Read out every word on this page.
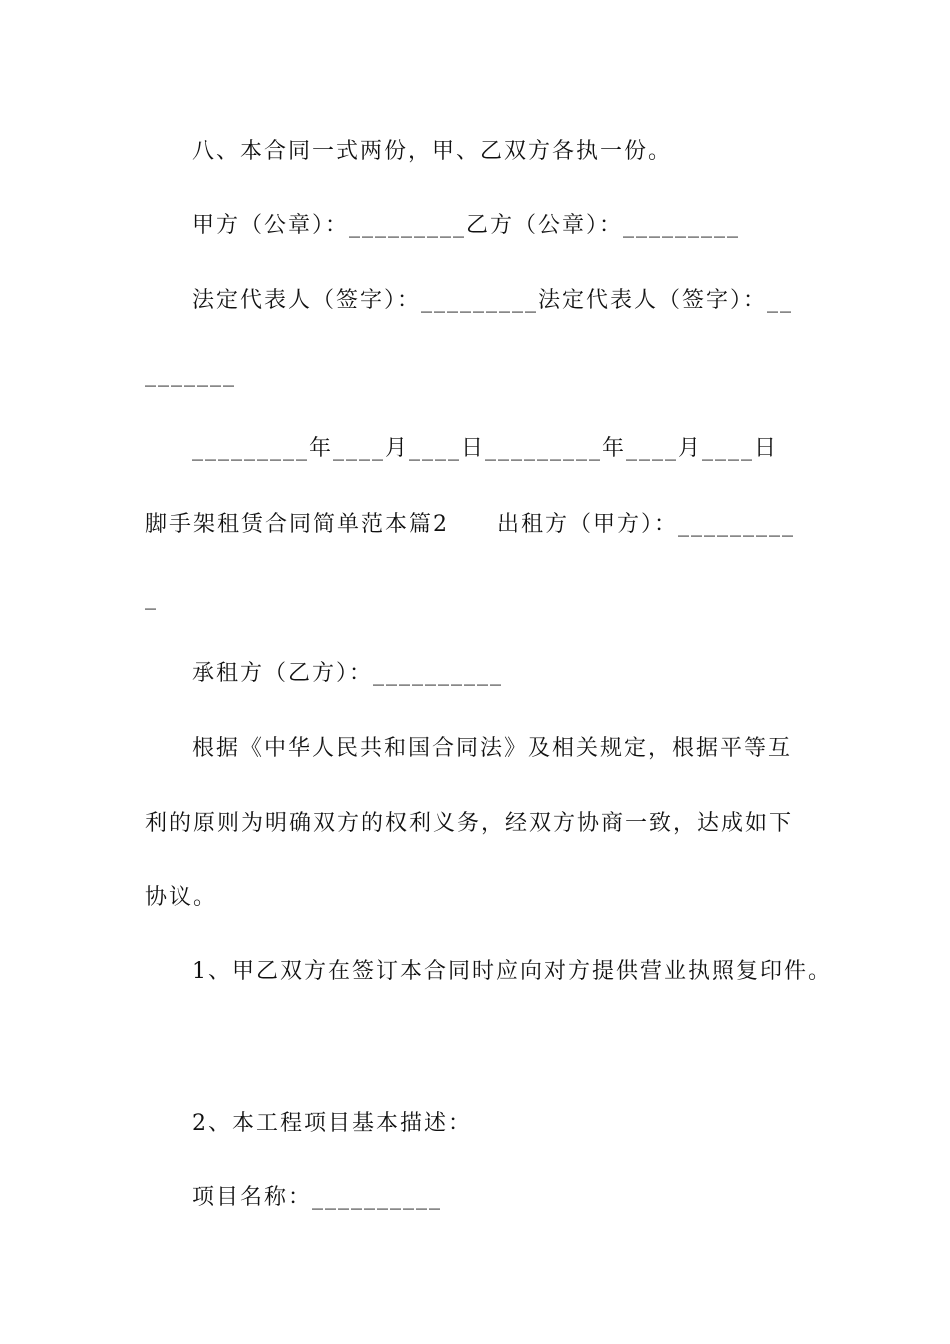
八、本合同一式两份，甲、乙双方各执一份。
甲方（公章）：_________乙方（公章）：_________
法定代表人（签字）：_________法定代表人（签字）：__
_______
_________年____月____日_________年____月____日
脚手架租赁合同简单范本篇2　　出租方（甲方）：_________
_
承租方（乙方）：__________
根据《中华人民共和国合同法》及相关规定，根据平等互
利的原则为明确双方的权利义务，经双方协商一致，达成如下
协议。
1、甲乙双方在签订本合同时应向对方提供营业执照复印件。
2、本工程项目基本描述：
项目名称：__________
